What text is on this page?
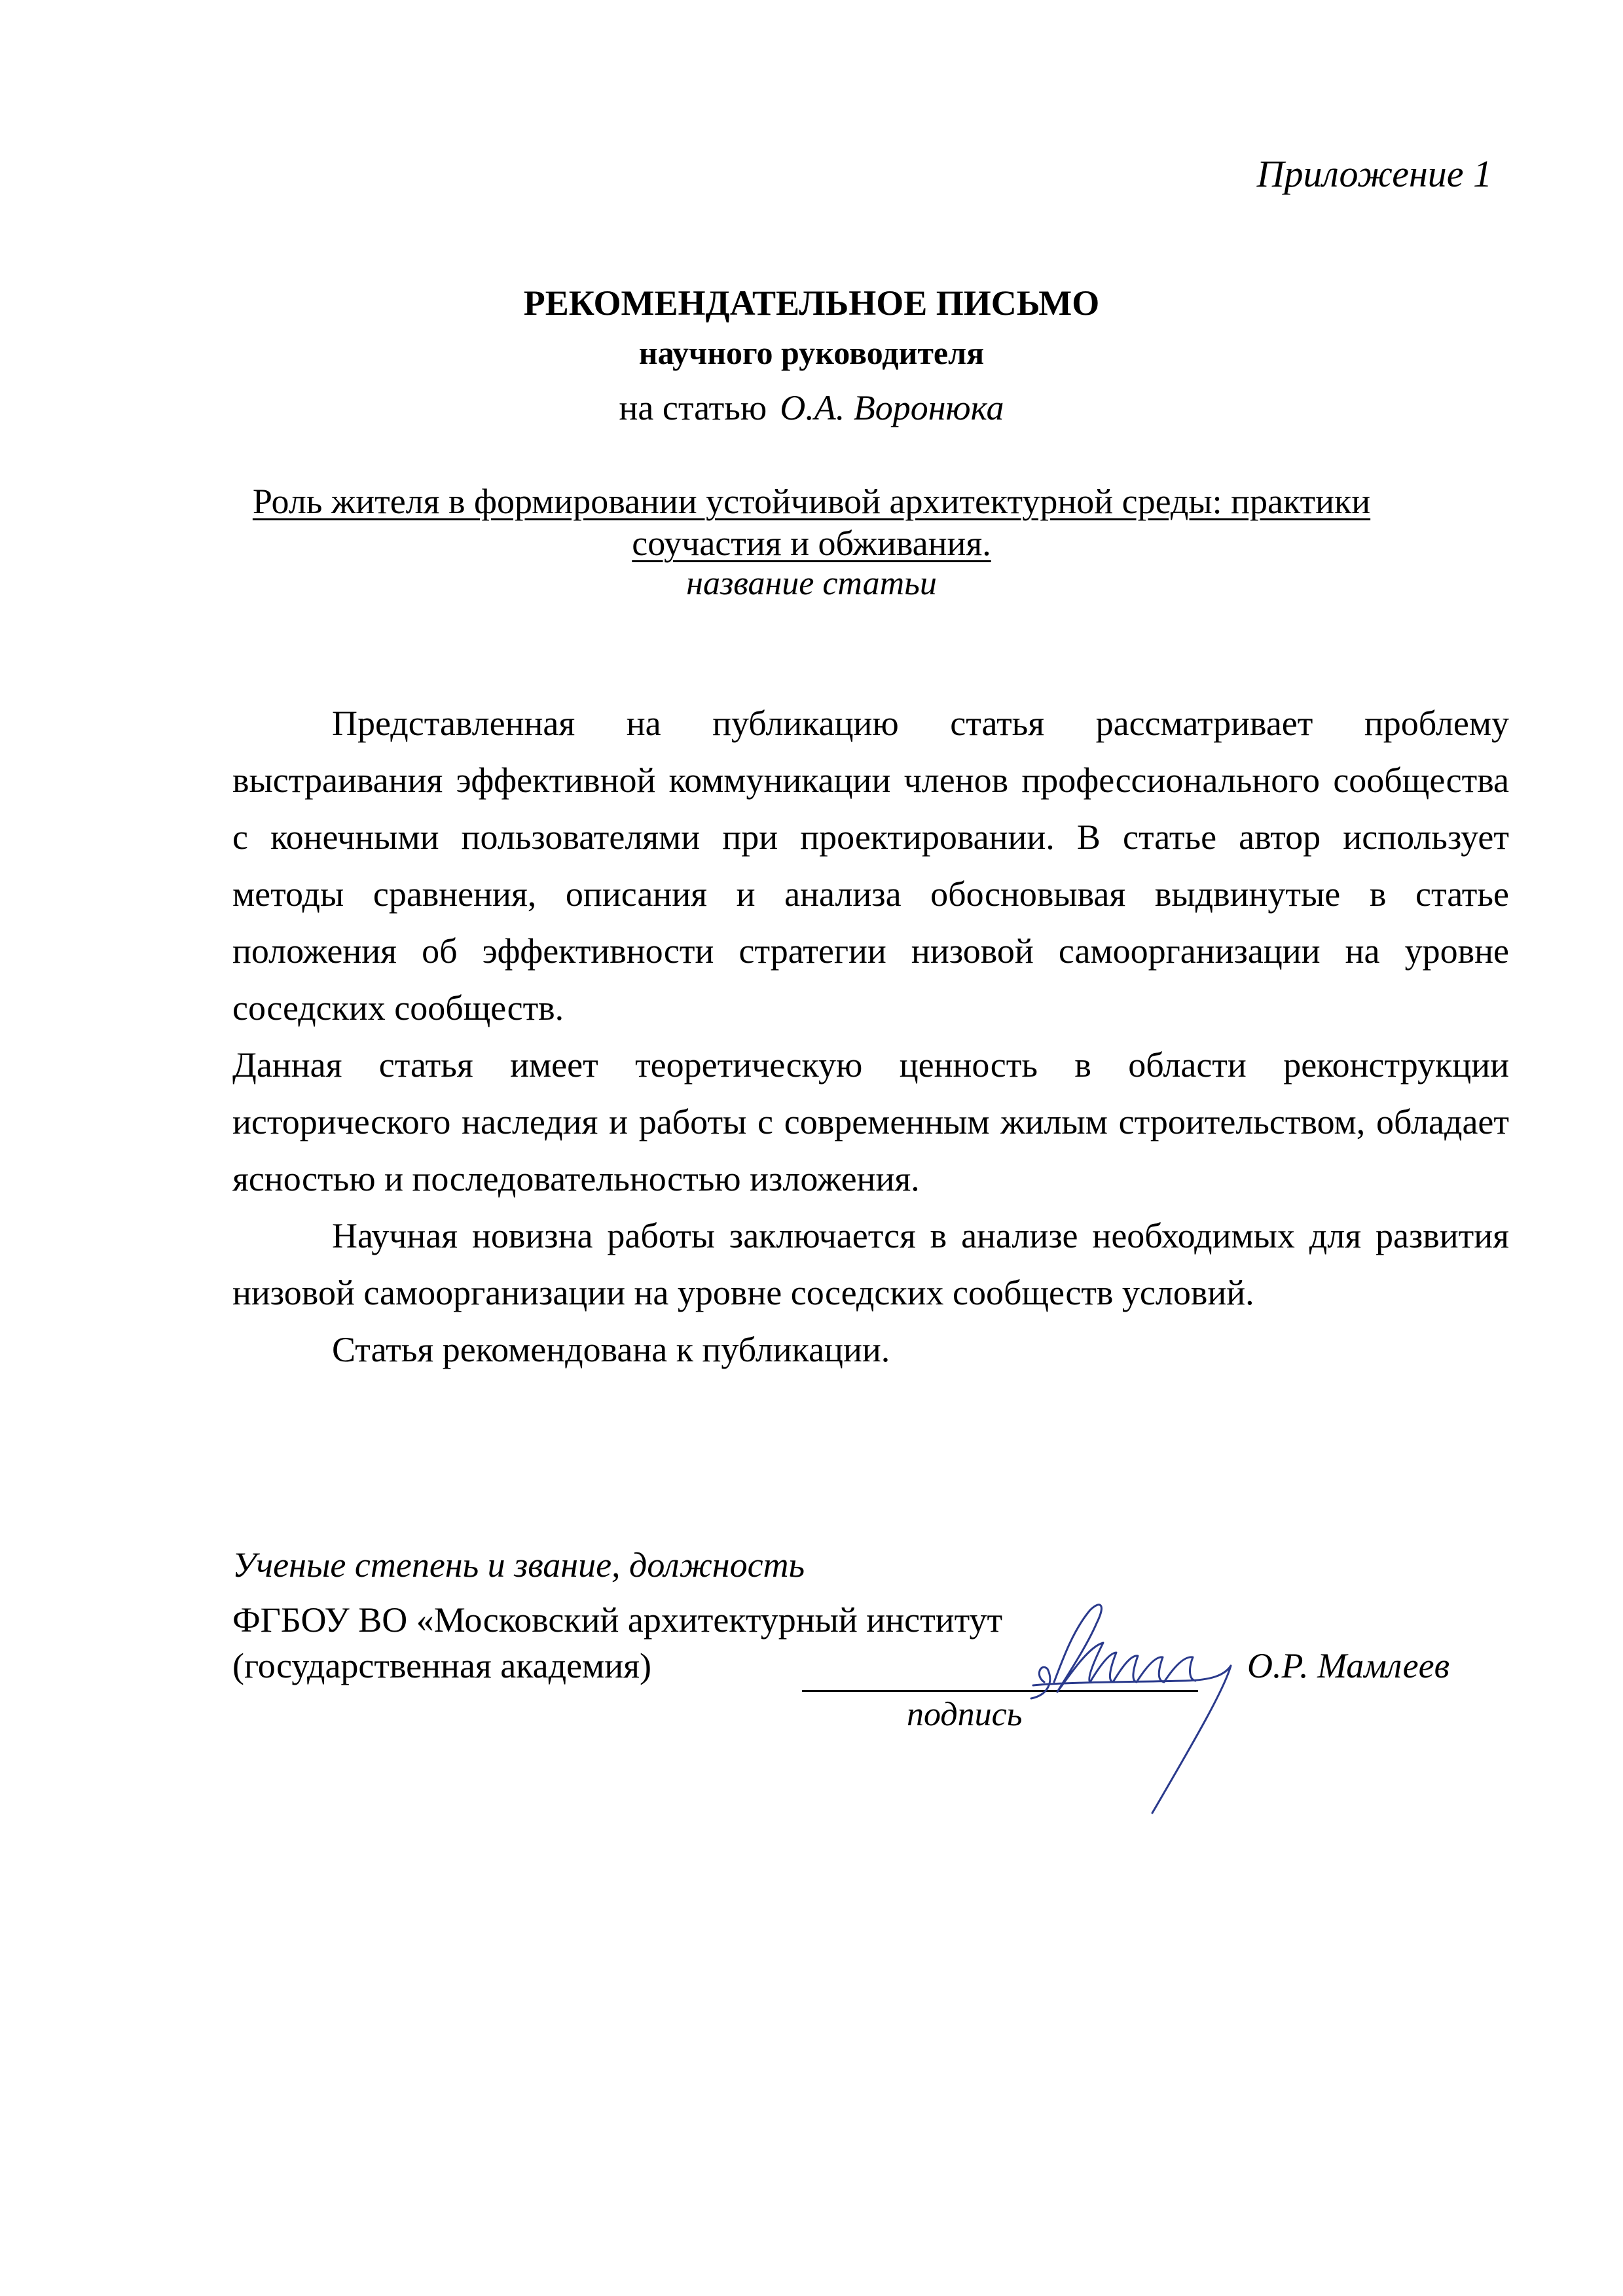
Приложение 1
РЕКОМЕНДАТЕЛЬНОЕ ПИСЬМО
научного руководителя
на статью О.А. Воронюка
Роль жителя в формировании устойчивой архитектурной среды: практики
соучастия и обживания.
название статьи

Представленная на публикацию статья рассматривает проблему выстраивания эффективной коммуникации членов профессионального сообщества с конечными пользователями при проектировании. В статье автор использует методы сравнения, описания и анализа обосновывая выдвинутые в статье положения об эффективности стратегии низовой самоорганизации на уровне соседских сообществ.

Данная статья имеет теоретическую ценность в области реконструкции исторического наследия и работы с современным жилым строительством, обладает ясностью и последовательностью изложения.

Научная новизна работы заключается в анализе необходимых для развития низовой самоорганизации на уровне соседских сообществ условий.

Статья рекомендована к публикации.

Ученые степень и звание, должность
ФГБОУ ВО «Московский архитектурный институт
(государственная академия)	О.Р. Мамлеев
подпись
